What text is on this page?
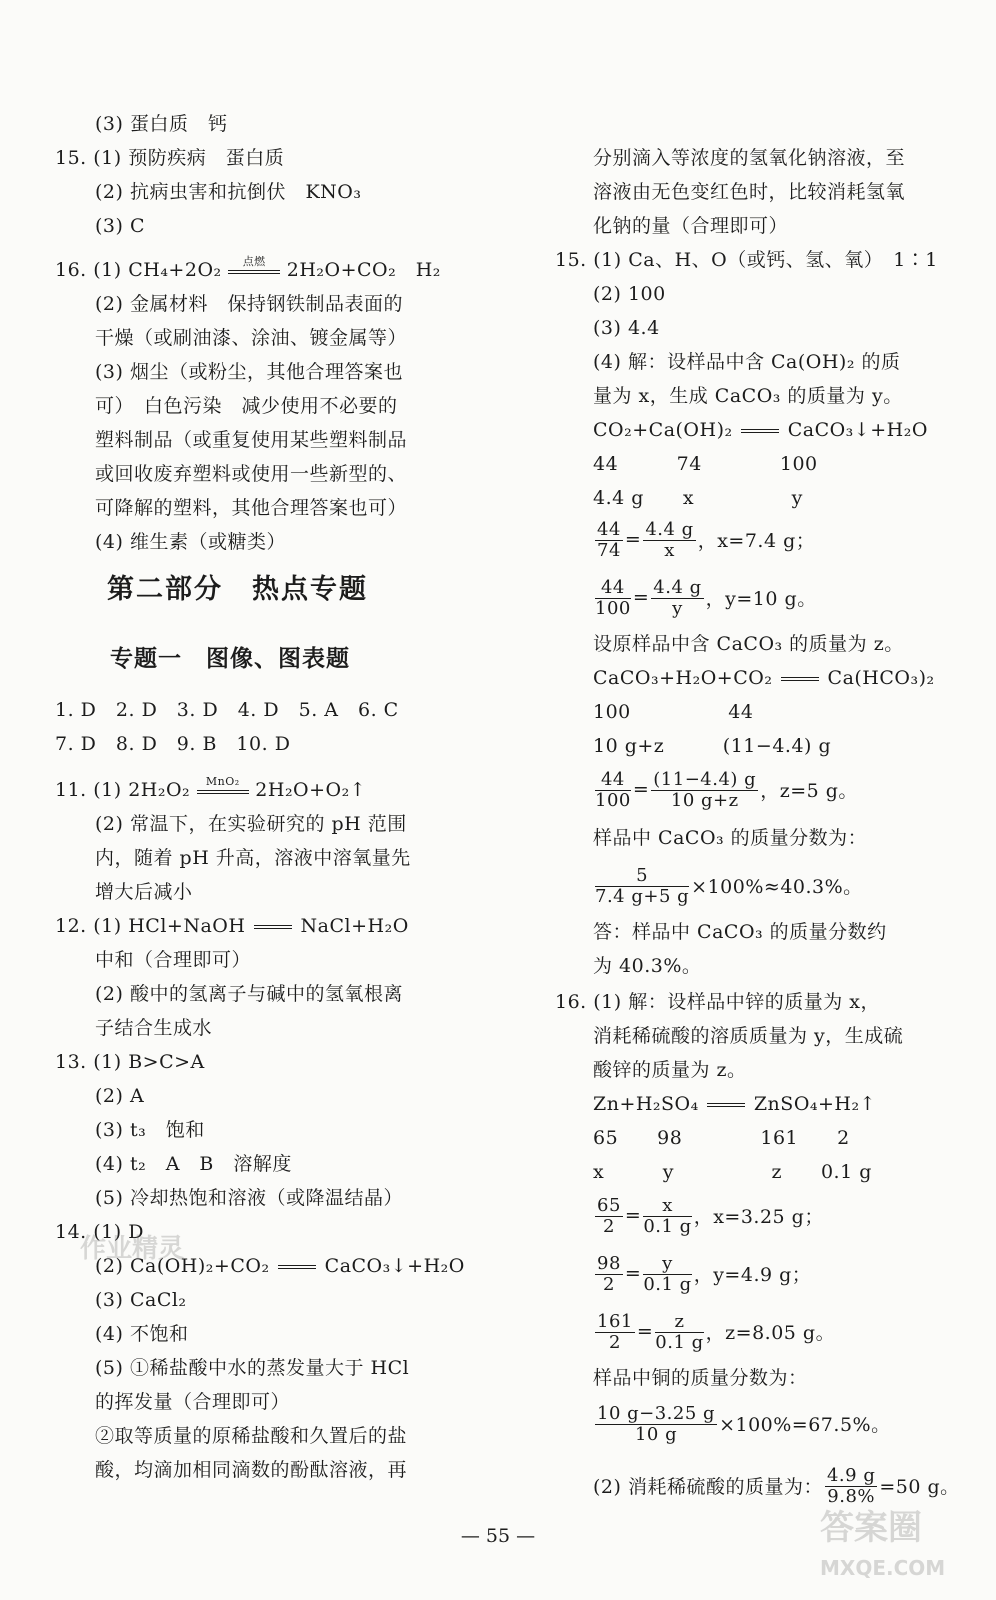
(3) 蛋白质　钙
15. (1) 预防疾病　蛋白质
(2) 抗病虫害和抗倒伏　KNO₃
(3) C
16. (1) CH₄+2O₂	点燃	2H₂O+CO₂　H₂
(2) 金属材料　保持钢铁制品表面的
干燥（或刷油漆、涂油、镀金属等）
(3) 烟尘（或粉尘，其他合理答案也
可）　白色污染　减少使用不必要的
塑料制品（或重复使用某些塑料制品
或回收废弃塑料或使用一些新型的、
可降解的塑料，其他合理答案也可）
(4) 维生素（或糖类）
第二部分　热点专题
专题一　图像、图表题
1. D　2. D　3. D　4. D　5. A　6. C
7. D　8. D　9. B　10. D
11. (1) 2H₂O₂	MnO₂ 2H₂O+O₂↑
(2) 常温下，在实验研究的 pH 范围
内，随着 pH 升高，溶液中溶氧量先
增大后减小
12. (1) HCl+NaOH	NaCl+H₂O
中和（合理即可）
(2) 酸中的氢离子与碱中的氢氧根离
子结合生成水
13. (1) B>C>A
(2) A
(3) t₃　饱和
(4) t₂　A　B　溶解度
(5) 冷却热饱和溶液（或降温结晶）
14. (1) D
(2) Ca(OH)₂+CO₂	CaCO₃↓+H₂O
(3) CaCl₂
(4) 不饱和
(5) ①稀盐酸中水的蒸发量大于 HCl
的挥发量（合理即可）
②取等质量的原稀盐酸和久置后的盐
酸，均滴加相同滴数的酚酞溶液，再
分别滴入等浓度的氢氧化钠溶液，至
溶液由无色变红色时，比较消耗氢氧
化钠的量（合理即可）
15. (1) Ca、H、O（或钙、氢、氧）　1∶1
(2) 100
(3) 4.4
(4) 解：设样品中含 Ca(OH)₂ 的质
量为 x，生成 CaCO₃ 的质量为 y。
CO₂+Ca(OH)₂	CaCO₃↓+H₂O
44　　　74　　　　100
4.4 g　　x　　　　　y
$\frac{44}{74} = \frac{4.4 g}{x}$ ，x=7.4 g；
$\frac{44}{100} = \frac{4.4 g}{y}$ ，y=10 g。
设原样品中含 CaCO₃ 的质量为 z。
CaCO₃+H₂O+CO₂	Ca(HCO₃)₂
100　　　　　44
10 g+z　　　(11−4.4) g
$\frac{44}{100} = \frac{(11-4.4) g}{10 g+z}$ ，z=5 g。
样品中 CaCO₃ 的质量分数为：
$\frac{5}{7.4 g+5 g} \times 100\%\approx 40.3\%$。
答：样品中 CaCO₃ 的质量分数约
为 40.3%。
16. (1) 解：设样品中锌的质量为 x，
消耗稀硫酸的溶质质量为 y，生成硫
酸锌的质量为 z。
Zn+H₂SO₄	ZnSO₄+H₂↑
65　　98　　　　161　　2
x　　　y　　　　　z　　0.1 g
$\frac{65}{2} = \frac{x}{0.1 g}$ ，x=3.25 g；
$\frac{98}{2} = \frac{y}{0.1 g}$ ，y=4.9 g；
$\frac{161}{2} = \frac{z}{0.1 g}$ ，z=8.05 g。
样品中铜的质量分数为：
$\frac{10 g-3.25 g}{10 g} \times 100\%=67.5\%$。
(2) 消耗稀硫酸的质量为： $\frac{4.9 g}{9.8\%} =50$ g。
— 55 —
作业精灵
答案圈
MXQE.COM
